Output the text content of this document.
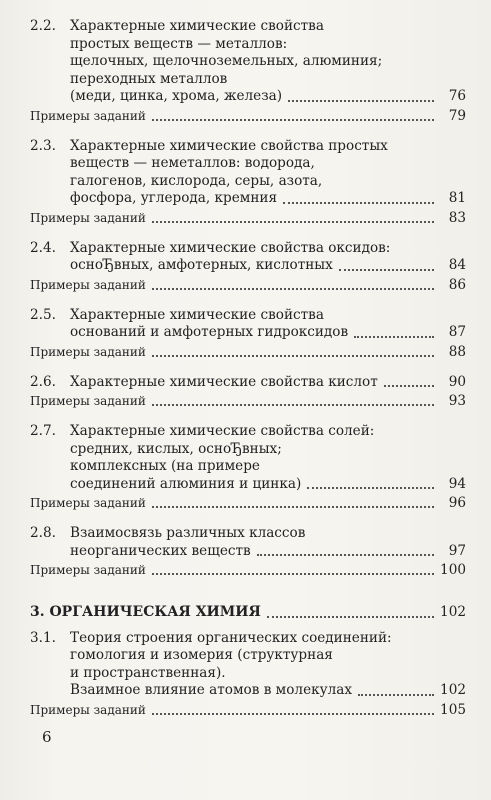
2.2. Характерные химические свойства
простых веществ — металлов:
щелочных, щелочноземельных, алюминия;
переходных металлов
(меди, цинка, хрома, железа)	76
Примеры заданий	79
2.3. Характерные химические свойства простых
веществ — неметаллов: водорода,
галогенов, кислорода, серы, азота,
фосфора, углерода, кремния	81
Примеры заданий	83
2.4. Характерные химические свойства оксидов:
осноЂвных, амфотерных, кислотных	84
Примеры заданий	86
2.5. Характерные химические свойства
оснований и амфотерных гидроксидов	87
Примеры заданий	88
2.6. Характерные химические свойства кислот	90
Примеры заданий	93
2.7. Характерные химические свойства солей:
средних, кислых, осноЂвных;
комплексных (на примере
соединений алюминия и цинка)	94
Примеры заданий	96
2.8. Взаимосвязь различных классов
неорганических веществ	97
Примеры заданий	100
3. ОРГАНИЧЕСКАЯ ХИМИЯ	102
3.1. Теория строения органических соединений:
гомология и изомерия (структурная
и пространственная).
Взаимное влияние атомов в молекулах	102
Примеры заданий	105
6
